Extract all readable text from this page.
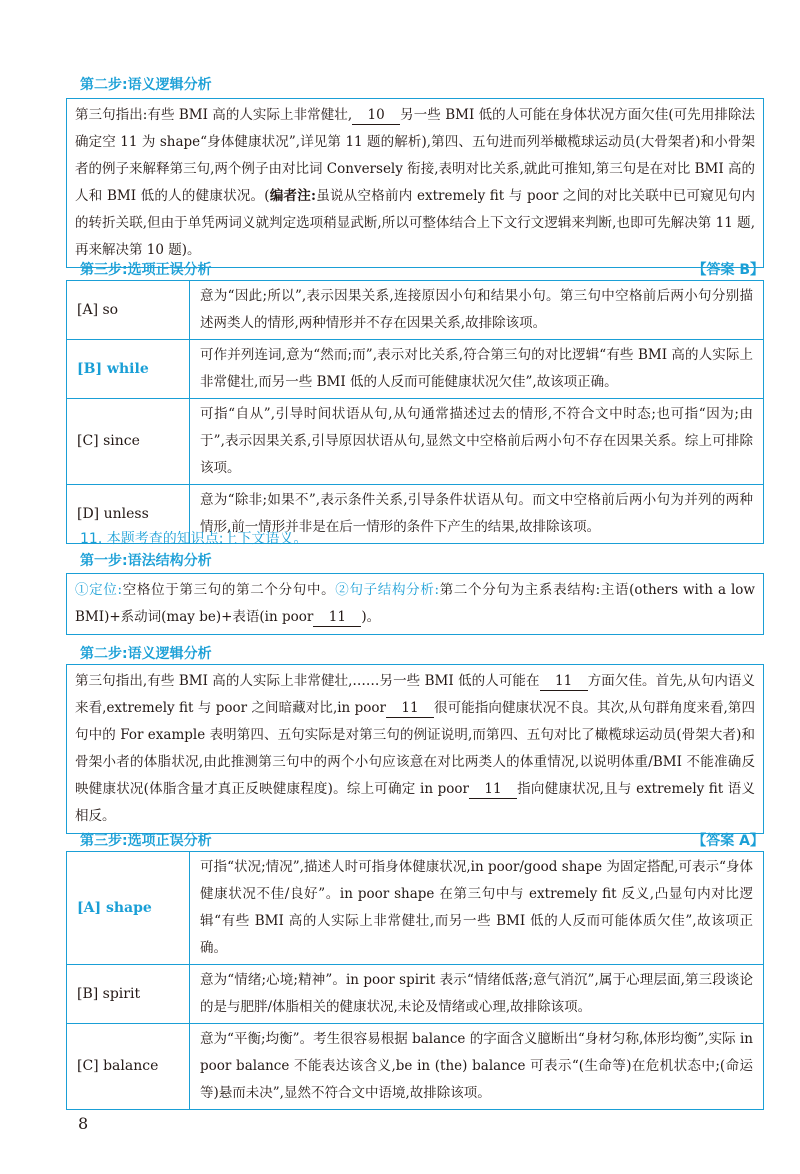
第二步:语义逻辑分析

第三句指出:有些 BMI 高的人实际上非常健壮, 10 另一些 BMI 低的人可能在身体状况方面欠佳(可先用排除法确定空 11 为 shape“身体健康状况”,详见第 11 题的解析),第四、五句进而列举橄榄球运动员(大骨架者)和小骨架者的例子来解释第三句,两个例子由对比词 Conversely 衔接,表明对比关系,就此可推知,第三句是在对比 BMI 高的人和 BMI 低的人的健康状况。(编者注:虽说从空格前内 extremely fit 与 poor 之间的对比关联中已可窥见句内的转折关联,但由于单凭两词义就判定选项稍显武断,所以可整体结合上下文行文逻辑来判断,也即可先解决第 11 题,再来解决第 10 题)。

第三步:选项正误分析	【答案 B】
[A] so	意为“因此;所以”,表示因果关系,连接原因小句和结果小句。第三句中空格前后两小句分别描述两类人的情形,两种情形并不存在因果关系,故排除该项。
[B] while	可作并列连词,意为“然而;而”,表示对比关系,符合第三句的对比逻辑“有些 BMI 高的人实际上非常健壮,而另一些 BMI 低的人反而可能健康状况欠佳”,故该项正确。
[C] since	可指“自从”,引导时间状语从句,从句通常描述过去的情形,不符合文中时态;也可指“因为;由于”,表示因果关系,引导原因状语从句,显然文中空格前后两小句不存在因果关系。综上可排除该项。
[D] unless	意为“除非;如果不”,表示条件关系,引导条件状语从句。而文中空格前后两小句为并列的两种情形,前一情形并非是在后一情形的条件下产生的结果,故排除该项。
11. 本题考查的知识点:上下文语义。
第一步:语法结构分析

①定位:空格位于第三句的第二个分句中。②句子结构分析:第二个分句为主系表结构:主语(others with a low BMI)+系动词(may be)+表语(in poor 11 )。

第二步:语义逻辑分析

第三句指出,有些 BMI 高的人实际上非常健壮,……另一些 BMI 低的人可能在 11 方面欠佳。首先,从句内语义来看,extremely fit 与 poor 之间暗藏对比,in poor 11 很可能指向健康状况不良。其次,从句群角度来看,第四句中的 For example 表明第四、五句实际是对第三句的例证说明,而第四、五句对比了橄榄球运动员(骨架大者)和骨架小者的体脂状况,由此推测第三句中的两个小句应该意在对比两类人的体重情况,以说明体重/BMI 不能准确反映健康状况(体脂含量才真正反映健康程度)。综上可确定 in poor 11 指向健康状况,且与 extremely fit 语义相反。

第三步:选项正误分析	【答案 A】
[A] shape	可指“状况;情况”,描述人时可指身体健康状况,in poor/good shape 为固定搭配,可表示“身体健康状况不佳/良好”。in poor shape 在第三句中与 extremely fit 反义,凸显句内对比逻辑“有些 BMI 高的人实际上非常健壮,而另一些 BMI 低的人反而可能体质欠佳”,故该项正确。
[B] spirit	意为“情绪;心境;精神”。in poor spirit 表示“情绪低落;意气消沉”,属于心理层面,第三段谈论的是与肥胖/体脂相关的健康状况,未论及情绪或心理,故排除该项。
[C] balance	意为“平衡;均衡”。考生很容易根据 balance 的字面含义臆断出“身材匀称,体形均衡”,实际 in poor balance 不能表达该含义,be in (the) balance 可表示“(生命等)在危机状态中;(命运等)悬而未决”,显然不符合文中语境,故排除该项。
8
